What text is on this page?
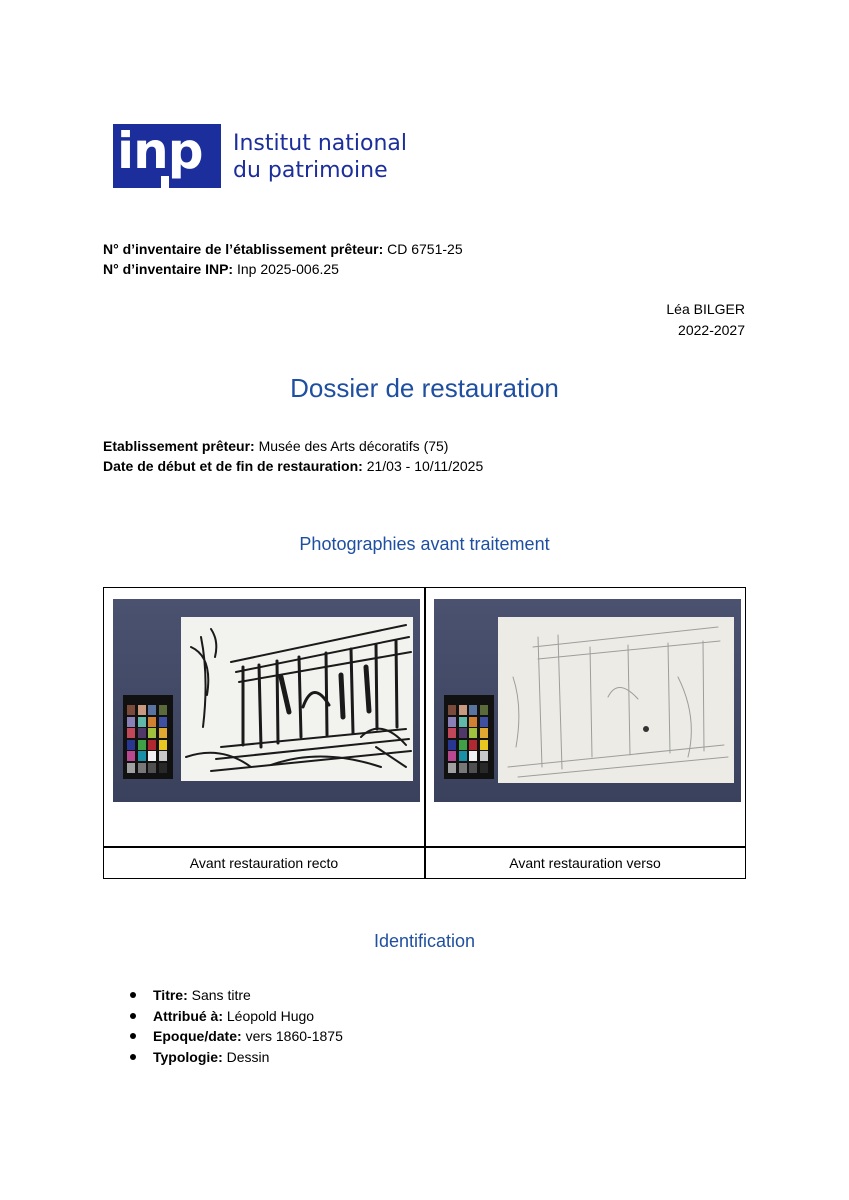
inp Institut national
du patrimoine
N° d’inventaire de l’établissement prêteur: CD 6751-25
N° d’inventaire INP: Inp 2025-006.25
Léa BILGER
2022-2027
Dossier de restauration
Etablissement prêteur: Musée des Arts décoratifs (75)
Date de début et de fin de restauration: 21/03 - 10/11/2025
Photographies avant traitement
Avant restauration recto	Avant restauration verso
Identification
Titre: Sans titre
Attribué à: Léopold Hugo
Epoque/date: vers 1860-1875
Typologie: Dessin
